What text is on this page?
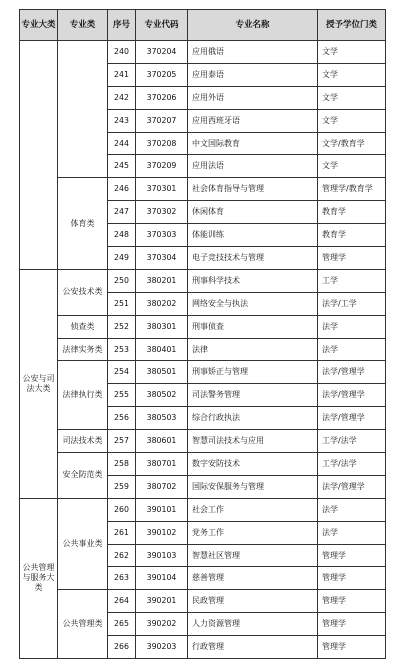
专业大类	专业类	序号	专业代码	专业名称	授予学位门类
		240	370204	应用俄语	文学
		241	370205	应用泰语	文学
		242	370206	应用外语	文学
		243	370207	应用西班牙语	文学
		244	370208	中文国际教育	文学/教育学
		245	370209	应用法语	文学
	体育类	246	370301	社会体育指导与管理	管理学/教育学
		247	370302	休闲体育	教育学
		248	370303	体能训练	教育学
		249	370304	电子竞技技术与管理	管理学
公安与司法大类	公安技术类	250	380201	刑事科学技术	工学
		251	380202	网络安全与执法	法学/工学
	侦查类	252	380301	刑事侦查	法学
	法律实务类	253	380401	法律	法学
	法律执行类	254	380501	刑事矫正与管理	法学/管理学
		255	380502	司法警务管理	法学/管理学
		256	380503	综合行政执法	法学/管理学
	司法技术类	257	380601	智慧司法技术与应用	工学/法学
	安全防范类	258	380701	数字安防技术	工学/法学
		259	380702	国际安保服务与管理	法学/管理学
公共管理与服务大类	公共事业类	260	390101	社会工作	法学
		261	390102	党务工作	法学
		262	390103	智慧社区管理	管理学
		263	390104	慈善管理	管理学
	公共管理类	264	390201	民政管理	管理学
		265	390202	人力资源管理	管理学
		266	390203	行政管理	管理学
